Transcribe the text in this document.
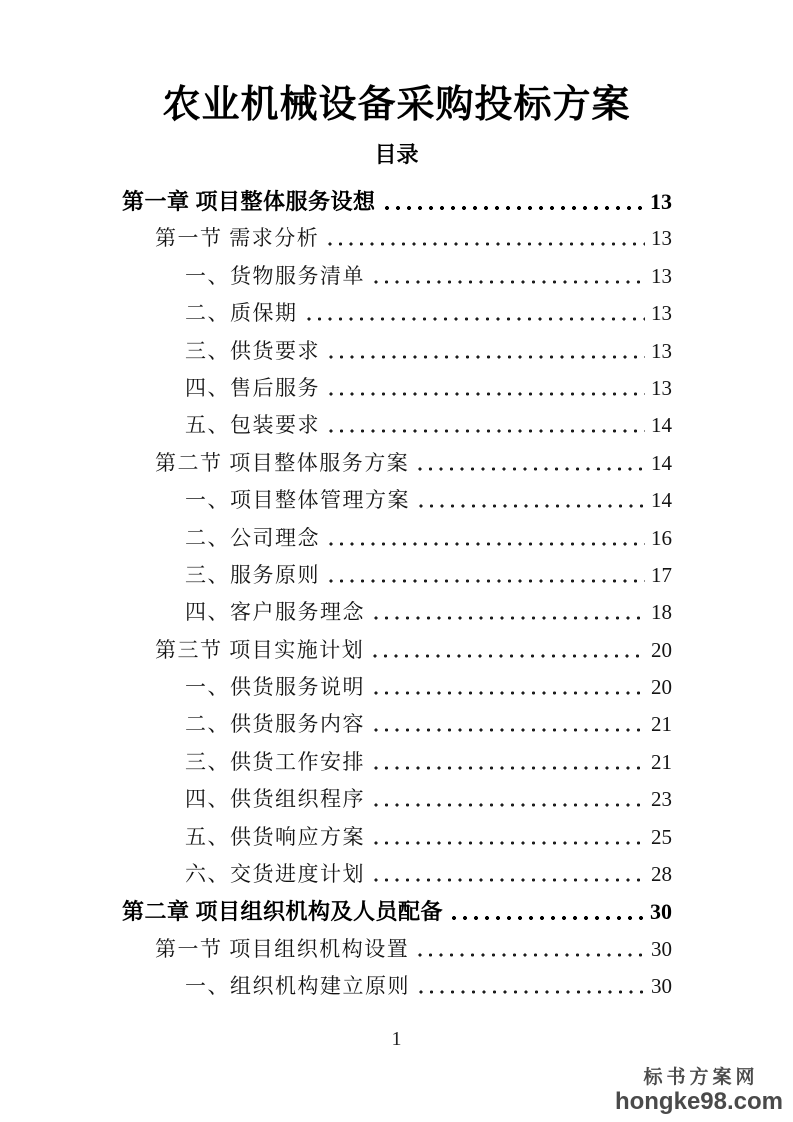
农业机械设备采购投标方案
目录
第一章 项目整体服务设想	13
第一节 需求分析	13
一、货物服务清单	13
二、质保期	13
三、供货要求	13
四、售后服务	13
五、包装要求	14
第二节 项目整体服务方案	14
一、项目整体管理方案	14
二、公司理念	16
三、服务原则	17
四、客户服务理念	18
第三节 项目实施计划	20
一、供货服务说明	20
二、供货服务内容	21
三、供货工作安排	21
四、供货组织程序	23
五、供货响应方案	25
六、交货进度计划	28
第二章 项目组织机构及人员配备	30
第一节 项目组织机构设置	30
一、组织机构建立原则	30
1
标书方案网
hongke98.com
